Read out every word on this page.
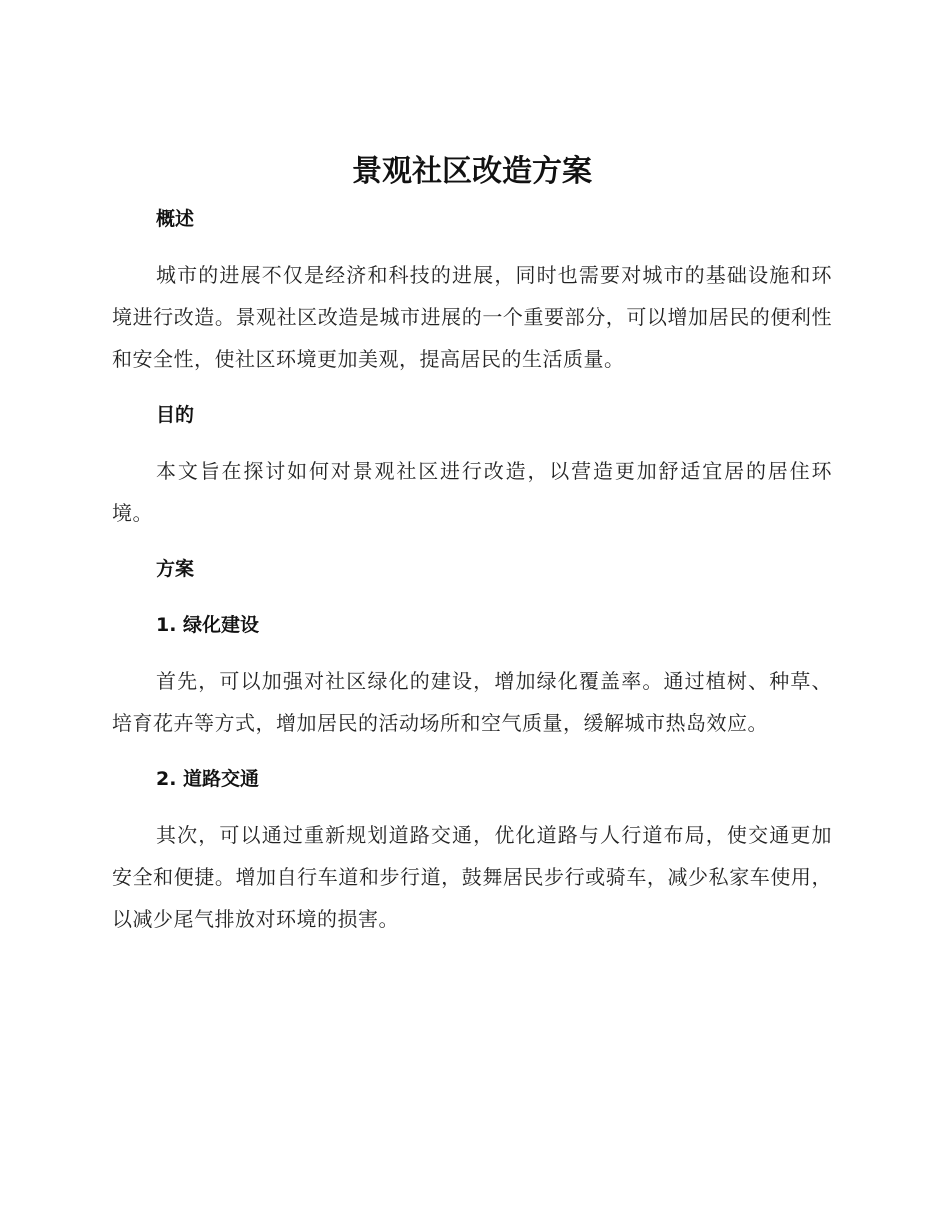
景观社区改造方案
概述

城市的进展不仅是经济和科技的进展，同时也需要对城市的基础设施和环境进行改造。景观社区改造是城市进展的一个重要部分，可以增加居民的便利性和安全性，使社区环境更加美观，提高居民的生活质量。

目的

本文旨在探讨如何对景观社区进行改造，以营造更加舒适宜居的居住环境。

方案
1. 绿化建设

首先，可以加强对社区绿化的建设，增加绿化覆盖率。通过植树、种草、培育花卉等方式，增加居民的活动场所和空气质量，缓解城市热岛效应。

2. 道路交通

其次，可以通过重新规划道路交通，优化道路与人行道布局，使交通更加安全和便捷。增加自行车道和步行道，鼓舞居民步行或骑车，减少私家车使用，以减少尾气排放对环境的损害。
